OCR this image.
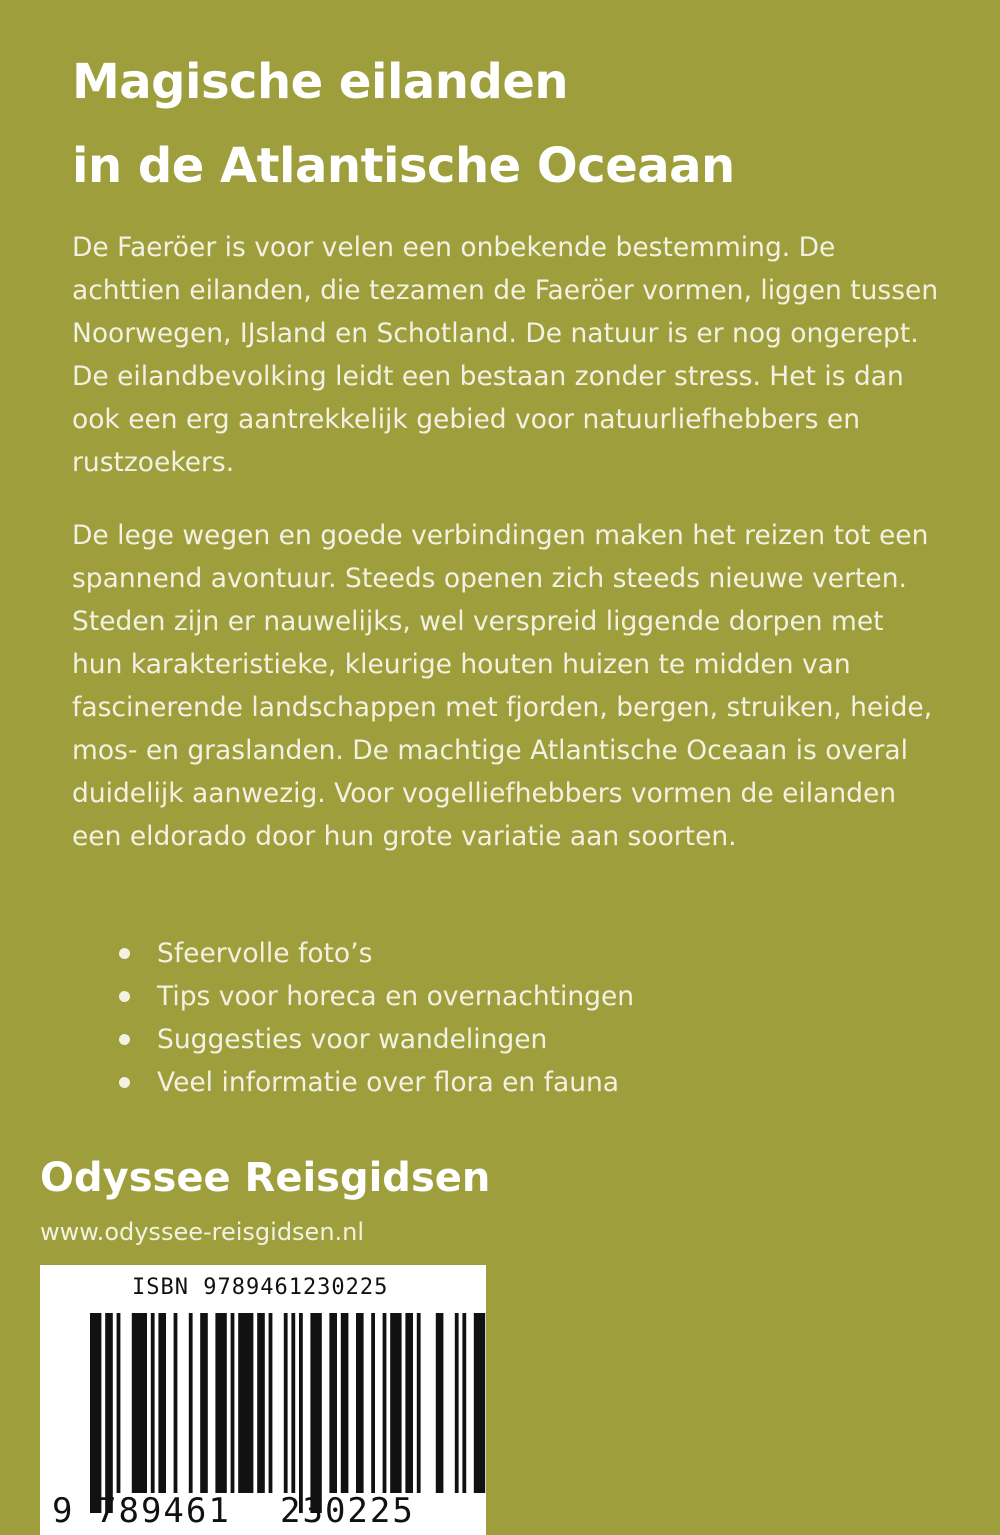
Magische eilanden
in de Atlantische Oceaan

De Faeröer is voor velen een onbekende bestemming. De achttien eilanden, die tezamen de Faeröer vormen, liggen tussen Noorwegen, IJsland en Schotland. De natuur is er nog ongerept. De eilandbevolking leidt een bestaan zonder stress. Het is dan ook een erg aantrekkelijk gebied voor natuurliefhebbers en rustzoekers.

De lege wegen en goede verbindingen maken het reizen tot een spannend avontuur. Steeds openen zich steeds nieuwe verten. Steden zijn er nauwelijks, wel verspreid liggende dorpen met hun karakteristieke, kleurige houten huizen te midden van fascinerende landschappen met fjorden, bergen, struiken, heide, mos- en graslanden. De machtige Atlantische Oceaan is overal duidelijk aanwezig. Voor vogelliefhebbers vormen de eilanden een eldorado door hun grote variatie aan soorten.

Sfeervolle foto’s
Tips voor horeca en overnachtingen
Suggesties voor wandelingen
Veel informatie over flora en fauna

Odyssee Reisgidsen

www.odyssee-reisgidsen.nl

ISBN 9789461230225
9 789461 230225
